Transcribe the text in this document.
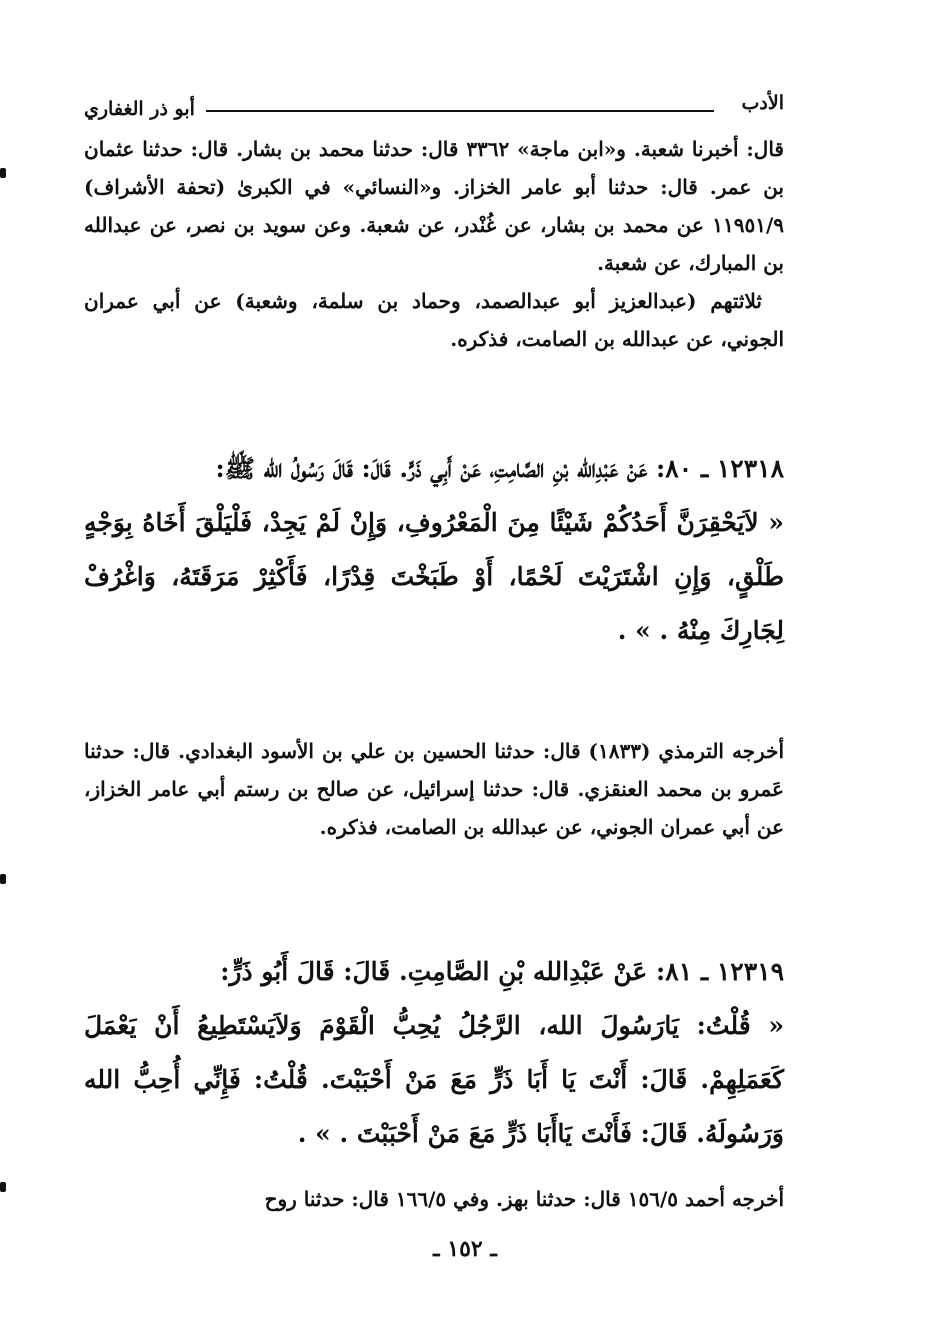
الأدب
أبو ذر الغفاري

قال: أخبرنا شعبة. و«ابن ماجة» ٣٣٦٢ قال: حدثنا محمد بن بشار. قال: حدثنا عثمان بن عمر. قال: حدثنا أبو عامر الخزاز. و«النسائي» في الكبرىٰ (تحفة الأشراف) ١١٩٥١/٩ عن محمد بن بشار، عن غُنْدر، عن شعبة. وعن سويد بن نصر، عن عبدالله بن المبارك، عن شعبة.

ثلاثتهم (عبدالعزيز أبو عبدالصمد، وحماد بن سلمة، وشعبة) عن أبي عمران الجوني، عن عبدالله بن الصامت، فذكره.

١٢٣١٨ ـ ٨٠: عَنْ عَبْدِالله بْنِ الصَّامِتِ، عَنْ أَبِي ذَرٍّ. قَالَ: قَالَ رَسُولُ الله ﷺ:

« لاَيَحْقِرَنَّ أَحَدُكُمْ شَيْئًا مِنَ الْمَعْرُوفِ، وَإِنْ لَمْ يَجِدْ، فَلْيَلْقَ أَخَاهُ بِوَجْهٍ طَلْقٍ، وَإِنِ اشْتَرَيْتَ لَحْمًا، أَوْ طَبَخْتَ قِدْرًا، فَأَكْثِرْ مَرَقَتَهُ، وَاغْرُفْ لِجَارِكَ مِنْهُ . » .

أخرجه الترمذي (١٨٣٣) قال: حدثنا الحسين بن علي بن الأسود البغدادي. قال: حدثنا عَمرو بن محمد العنقزي. قال: حدثنا إسرائيل، عن صالح بن رستم أبي عامر الخزاز، عن أبي عمران الجوني، عن عبدالله بن الصامت، فذكره.

١٢٣١٩ ـ ٨١: عَنْ عَبْدِالله بْنِ الصَّامِتِ. قَالَ: قَالَ أَبُو ذَرٍّ:

« قُلْتُ: يَارَسُولَ الله، الرَّجُلُ يُحِبُّ الْقَوْمَ وَلاَيَسْتَطِيعُ أَنْ يَعْمَلَ كَعَمَلِهِمْ. قَالَ: أَنْتَ يَا أَبَا ذَرٍّ مَعَ مَنْ أَحْبَبْتَ. قُلْتُ: فَإِنِّي أُحِبُّ الله وَرَسُولَهُ. قَالَ: فَأَنْتَ يَاأَبَا ذَرٍّ مَعَ مَنْ أَحْبَبْتَ . » .

أخرجه أحمد ١٥٦/٥ قال: حدثنا بهز. وفي ١٦٦/٥ قال: حدثنا روح

ـ ١٥٢ ـ
